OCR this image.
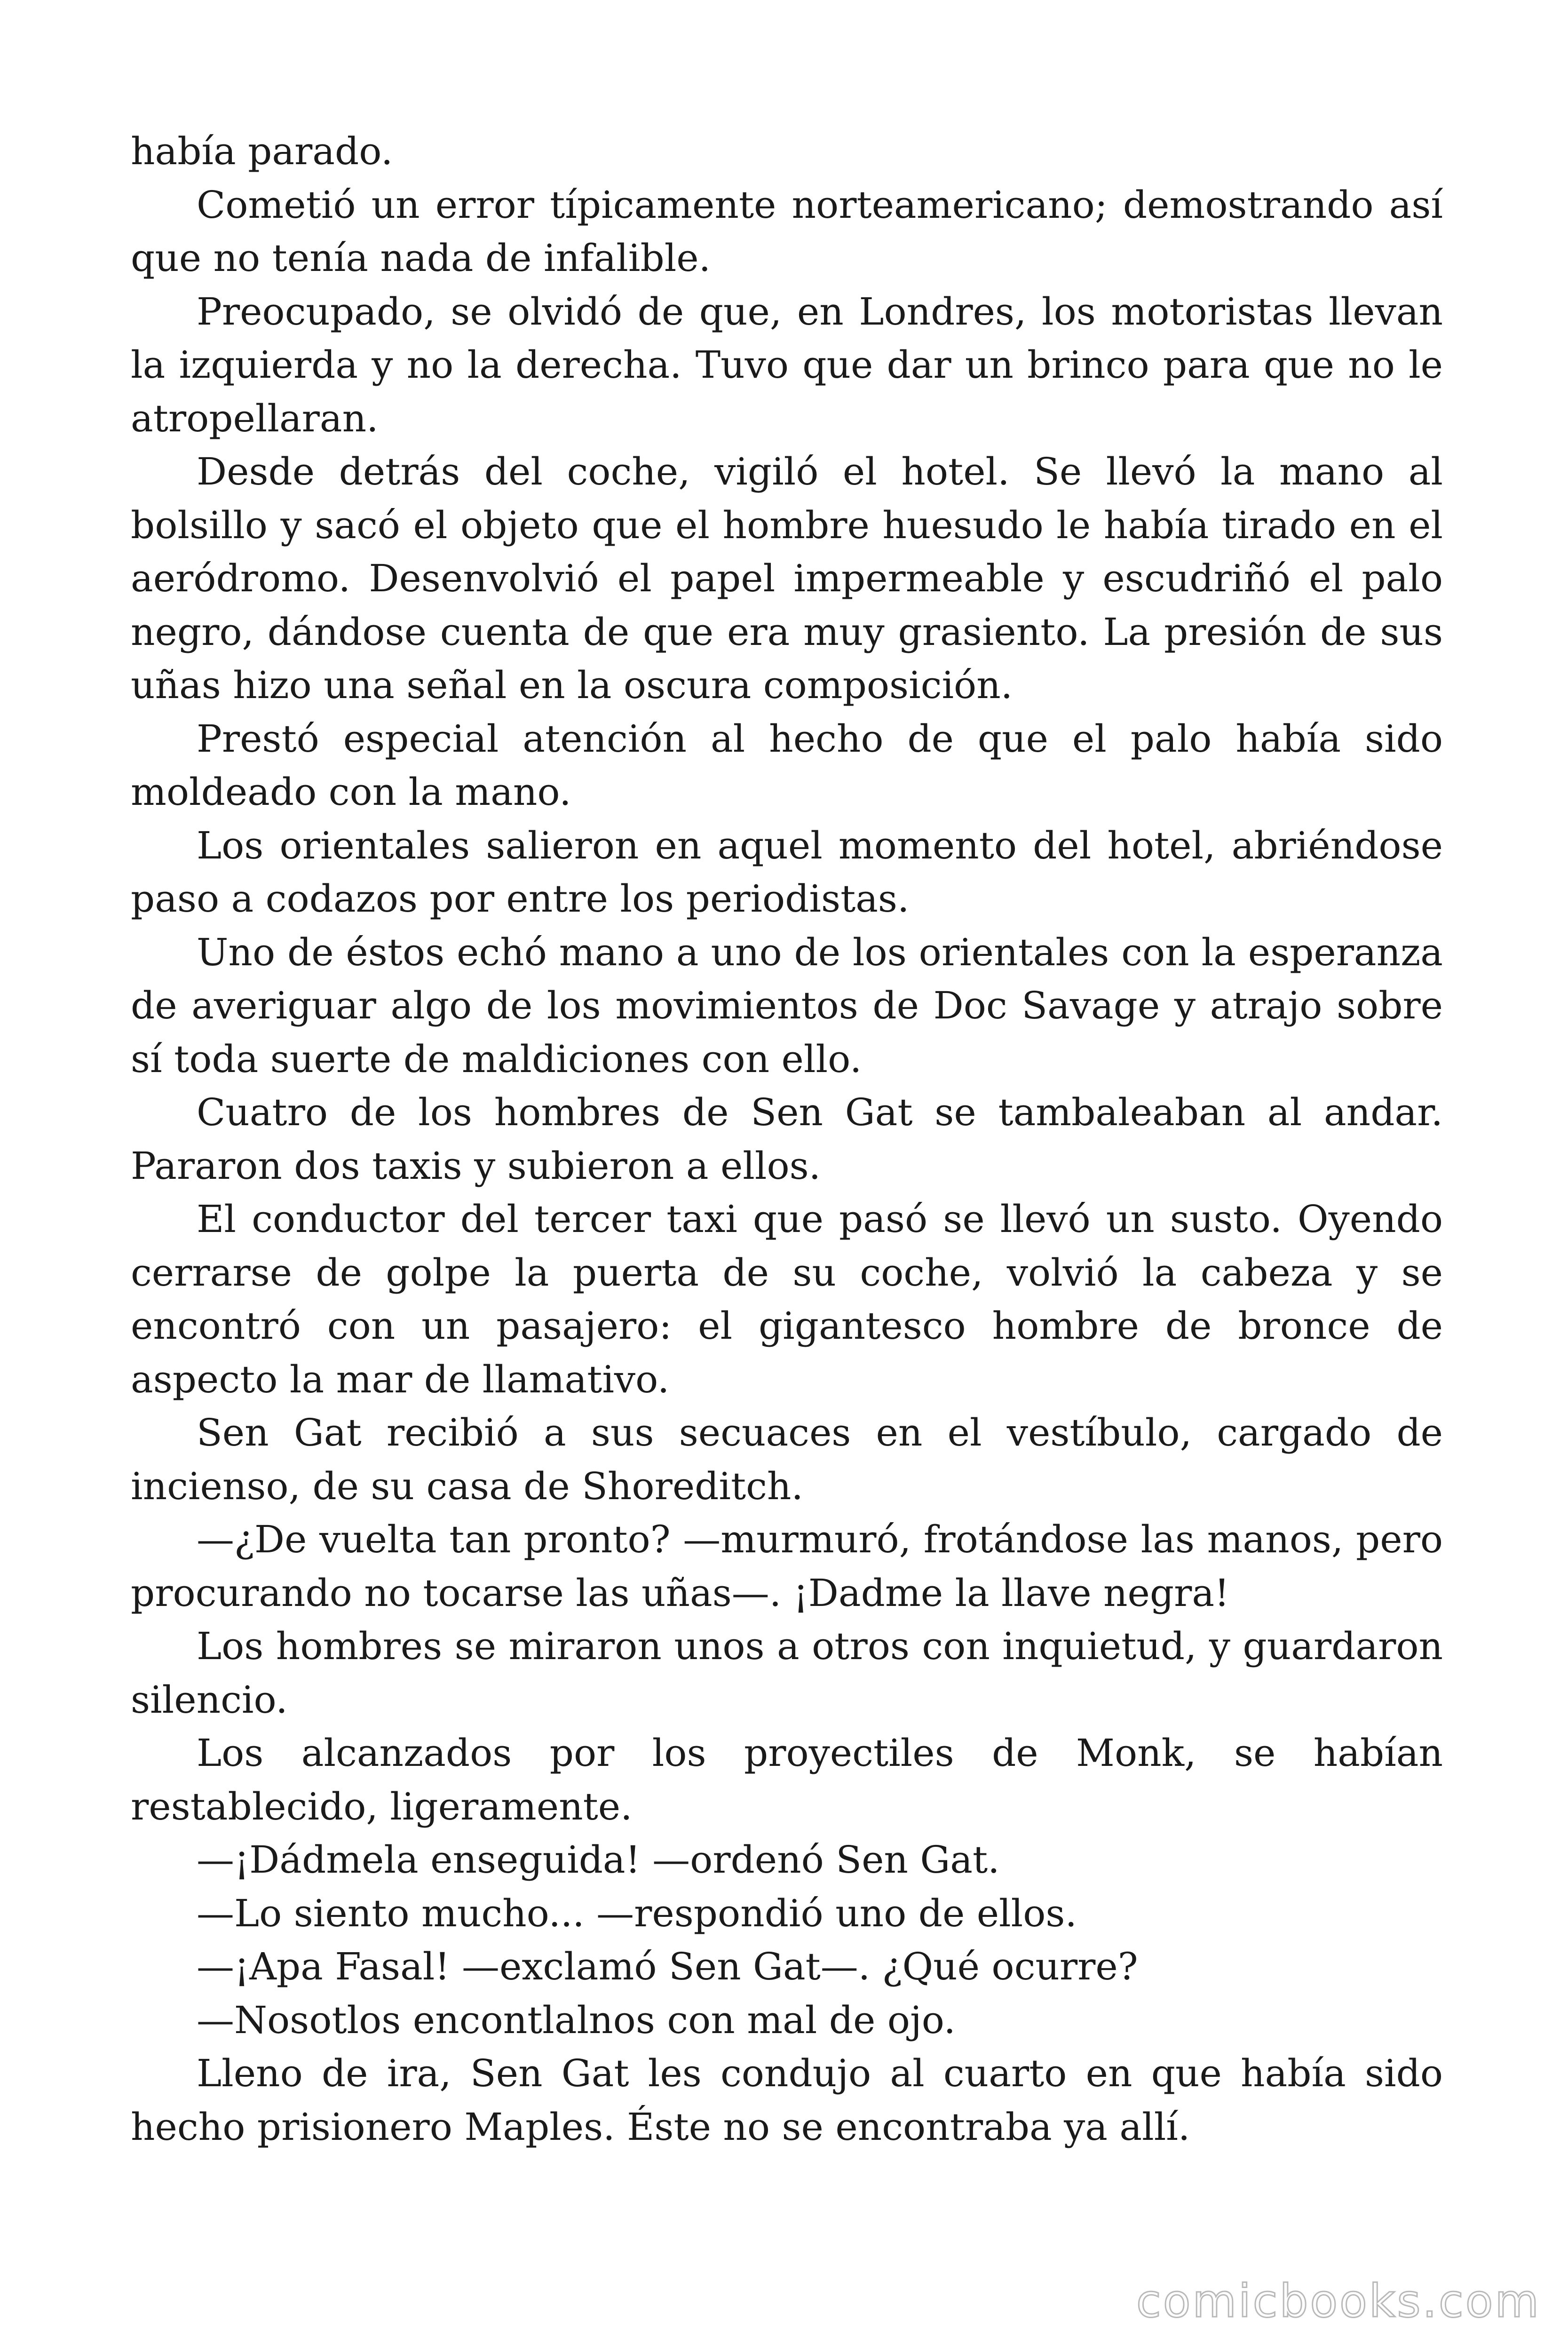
había parado.

Cometió un error típicamente norteamericano; demostrando así que no tenía nada de infalible.

Preocupado, se olvidó de que, en Londres, los motoristas llevan la izquierda y no la derecha. Tuvo que dar un brinco para que no le atropellaran.

Desde detrás del coche, vigiló el hotel. Se llevó la mano al bolsillo y sacó el objeto que el hombre huesudo le había tirado en el aeródromo. Desenvolvió el papel impermeable y escudriñó el palo negro, dándose cuenta de que era muy grasiento. La presión de sus uñas hizo una señal en la oscura composición.

Prestó especial atención al hecho de que el palo había sido moldeado con la mano.

Los orientales salieron en aquel momento del hotel, abriéndose paso a codazos por entre los periodistas.

Uno de éstos echó mano a uno de los orientales con la esperanza de averiguar algo de los movimientos de Doc Savage y atrajo sobre sí toda suerte de maldiciones con ello.

Cuatro de los hombres de Sen Gat se tambaleaban al andar. Pararon dos taxis y subieron a ellos.

El conductor del tercer taxi que pasó se llevó un susto. Oyendo cerrarse de golpe la puerta de su coche, volvió la cabeza y se encontró con un pasajero: el gigantesco hombre de bronce de aspecto la mar de llamativo.

Sen Gat recibió a sus secuaces en el vestíbulo, cargado de incienso, de su casa de Shoreditch.

—¿De vuelta tan pronto? —murmuró, frotándose las manos, pero procurando no tocarse las uñas—. ¡Dadme la llave negra!

Los hombres se miraron unos a otros con inquietud, y guardaron silencio.

Los alcanzados por los proyectiles de Monk, se habían restablecido, ligeramente.

—¡Dádmela enseguida! —ordenó Sen Gat.

—Lo siento mucho... —respondió uno de ellos.

—¡Apa Fasal! —exclamó Sen Gat—. ¿Qué ocurre?

—Nosotlos encontlalnos con mal de ojo.

Lleno de ira, Sen Gat les condujo al cuarto en que había sido hecho prisionero Maples. Éste no se encontraba ya allí.

comicbooks.com
